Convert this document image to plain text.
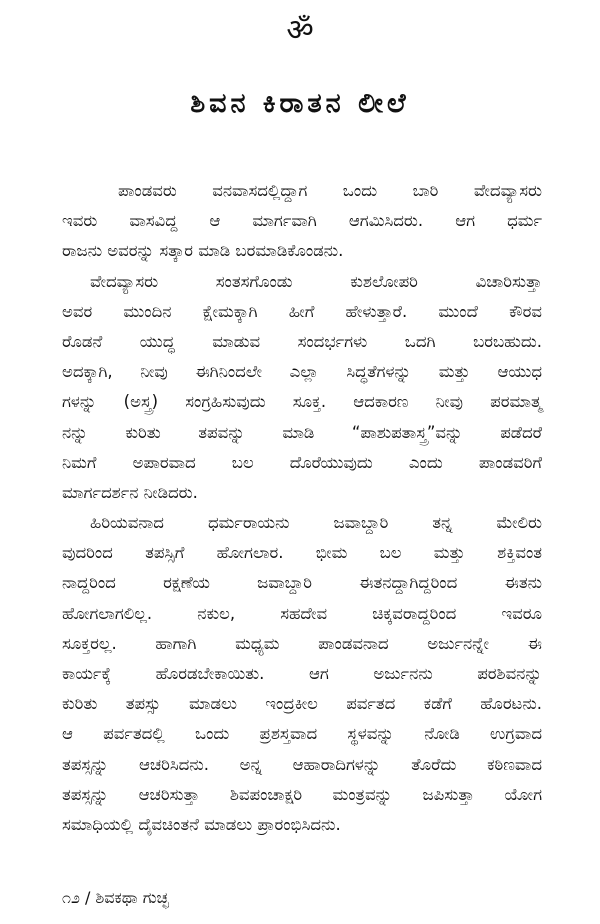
ॐ
ಶಿವನ ಕಿರಾತನ ಲೀಲೆ
ಪಾಂಡವರು ವನವಾಸದಲ್ಲಿದ್ದಾಗ ಒಂದು ಬಾರಿ ವೇದವ್ಯಾಸರು
ಇವರು ವಾಸವಿದ್ದ ಆ ಮಾರ್ಗವಾಗಿ ಆಗಮಿಸಿದರು. ಆಗ ಧರ್ಮ
ರಾಜನು ಅವರನ್ನು ಸತ್ಕಾರ ಮಾಡಿ ಬರಮಾಡಿಕೊಂಡನು.
ವೇದವ್ಯಾಸರು ಸಂತಸಗೊಂಡು ಕುಶಲೋಪರಿ ವಿಚಾರಿಸುತ್ತಾ
ಅವರ ಮುಂದಿನ ಕ್ಷೇಮಕ್ಕಾಗಿ ಹೀಗೆ ಹೇಳುತ್ತಾರೆ. ಮುಂದೆ ಕೌರವ
ರೊಡನೆ ಯುದ್ಧ ಮಾಡುವ ಸಂದರ್ಭಗಳು ಒದಗಿ ಬರಬಹುದು.
ಅದಕ್ಕಾಗಿ, ನೀವು ಈಗಿನಿಂದಲೇ ಎಲ್ಲಾ ಸಿದ್ಧತೆಗಳನ್ನು ಮತ್ತು ಆಯುಧ
ಗಳನ್ನು (ಅಸ್ತ್ರ) ಸಂಗ್ರಹಿಸುವುದು ಸೂಕ್ತ. ಆದಕಾರಣ ನೀವು ಪರಮಾತ್ಮ
ನನ್ನು ಕುರಿತು ತಪವನ್ನು ಮಾಡಿ “ಪಾಶುಪತಾಸ್ತ್ರ”ವನ್ನು ಪಡೆದರೆ
ನಿಮಗೆ ಅಪಾರವಾದ ಬಲ ದೊರೆಯುವುದು ಎಂದು ಪಾಂಡವರಿಗೆ
ಮಾರ್ಗದರ್ಶನ ನೀಡಿದರು.
ಹಿರಿಯವನಾದ ಧರ್ಮರಾಯನು ಜವಾಬ್ದಾರಿ ತನ್ನ ಮೇಲಿರು
ವುದರಿಂದ ತಪಸ್ಸಿಗೆ ಹೋಗಲಾರ. ಭೀಮ ಬಲ ಮತ್ತು ಶಕ್ತಿವಂತ
ನಾದ್ದರಿಂದ ರಕ್ಷಣೆಯ ಜವಾಬ್ದಾರಿ ಈತನದ್ದಾಗಿದ್ದರಿಂದ ಈತನು
ಹೋಗಲಾಗಲಿಲ್ಲ. ನಕುಲ, ಸಹದೇವ ಚಿಕ್ಕವರಾದ್ದರಿಂದ ಇವರೂ
ಸೂಕ್ತರಲ್ಲ. ಹಾಗಾಗಿ ಮಧ್ಯಮ ಪಾಂಡವನಾದ ಅರ್ಜುನನ್ನೇ ಈ
ಕಾರ್ಯಕ್ಕೆ ಹೊರಡಬೇಕಾಯಿತು. ಆಗ ಅರ್ಜುನನು ಪರಶಿವನನ್ನು
ಕುರಿತು ತಪಸ್ಸು ಮಾಡಲು ಇಂದ್ರಕೀಲ ಪರ್ವತದ ಕಡೆಗೆ ಹೊರಟನು.
ಆ ಪರ್ವತದಲ್ಲಿ ಒಂದು ಪ್ರಶಸ್ತವಾದ ಸ್ಥಳವನ್ನು ನೋಡಿ ಉಗ್ರವಾದ
ತಪಸ್ಸನ್ನು ಆಚರಿಸಿದನು. ಅನ್ನ ಆಹಾರಾದಿಗಳನ್ನು ತೊರೆದು ಕಠಿಣವಾದ
ತಪಸ್ಸನ್ನು ಆಚರಿಸುತ್ತಾ ಶಿವಪಂಚಾಕ್ಷರಿ ಮಂತ್ರವನ್ನು ಜಪಿಸುತ್ತಾ ಯೋಗ
ಸಮಾಧಿಯಲ್ಲಿ ದೈವಚಿಂತನೆ ಮಾಡಲು ಪ್ರಾರಂಭಿಸಿದನು.
೧೨ / ಶಿವಕಥಾ ಗುಚ್ಛ
